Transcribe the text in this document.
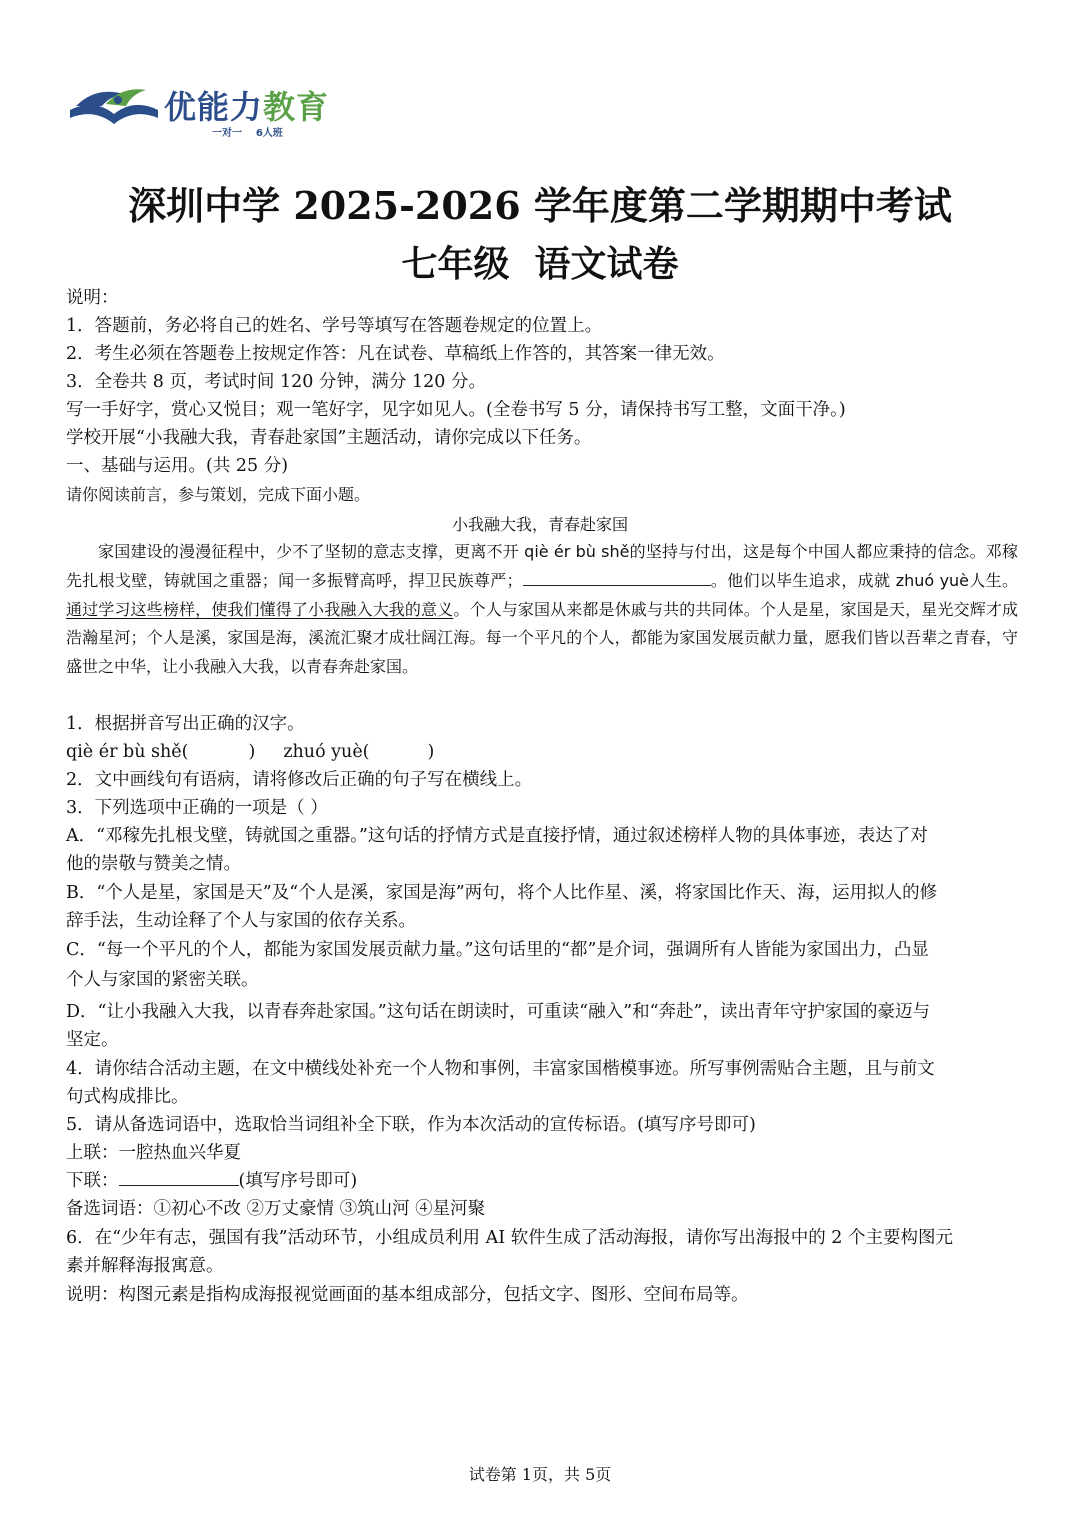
优能力教育
一对一    6人班
深圳中学 2025-2026 学年度第二学期期中考试
七年级  语文试卷
说明：
1．答题前，务必将自己的姓名、学号等填写在答题卷规定的位置上。
2．考生必须在答题卷上按规定作答：凡在试卷、草稿纸上作答的，其答案一律无效。
3．全卷共 8 页，考试时间 120 分钟，满分 120 分。
写一手好字，赏心又悦目；观一笔好字，见字如见人。(全卷书写 5 分，请保持书写工整，文面干净。)
学校开展“小我融大我，青春赴家国”主题活动，请你完成以下任务。
一、基础与运用。(共 25 分)
请你阅读前言，参与策划，完成下面小题。
小我融大我，青春赴家国
家国建设的漫漫征程中，少不了坚韧的意志支撑，更离不开 qiè ér bù shě的坚持与付出，这是每个中国人都应秉持的信念。邓稼先扎根戈壁，铸就国之重器；闻一多振臂高呼，捍卫民族尊严；	。他们以毕生追求，成就 zhuó yuè人生。通过学习这些榜样，使我们懂得了小我融入大我的意义。个人与家国从来都是休戚与共的共同体。个人是星，家国是天，星光交辉才成浩瀚星河；个人是溪，家国是海，溪流汇聚才成壮阔江海。每一个平凡的个人，都能为家国发展贡献力量，愿我们皆以吾辈之青春，守盛世之中华，让小我融入大我，以青春奔赴家国。
1．根据拼音写出正确的汉字。
qiè ér bù shě(	) zhuó yuè(	)
2．文中画线句有语病，请将修改后正确的句子写在横线上。
3．下列选项中正确的一项是（ ）
A．“邓稼先扎根戈壁，铸就国之重器。”这句话的抒情方式是直接抒情，通过叙述榜样人物的具体事迹，表达了对
他的崇敬与赞美之情。
B．“个人是星，家国是天”及“个人是溪，家国是海”两句，将个人比作星、溪，将家国比作天、海，运用拟人的修
辞手法，生动诠释了个人与家国的依存关系。
C．“每一个平凡的个人，都能为家国发展贡献力量。”这句话里的“都”是介词，强调所有人皆能为家国出力，凸显
个人与家国的紧密关联。
D．“让小我融入大我，以青春奔赴家国。”这句话在朗读时，可重读“融入”和“奔赴”，读出青年守护家国的豪迈与
坚定。
4．请你结合活动主题，在文中横线处补充一个人物和事例，丰富家国楷模事迹。所写事例需贴合主题，且与前文
句式构成排比。
5．请从备选词语中，选取恰当词组补全下联，作为本次活动的宣传标语。(填写序号即可)
上联：一腔热血兴华夏
下联：	(填写序号即可)
备选词语：①初心不改 ②万丈豪情 ③筑山河 ④星河聚
6．在“少年有志，强国有我”活动环节，小组成员利用 AI 软件生成了活动海报，请你写出海报中的 2 个主要构图元
素并解释海报寓意。
说明：构图元素是指构成海报视觉画面的基本组成部分，包括文字、图形、空间布局等。
试卷第 1页，共 5页
